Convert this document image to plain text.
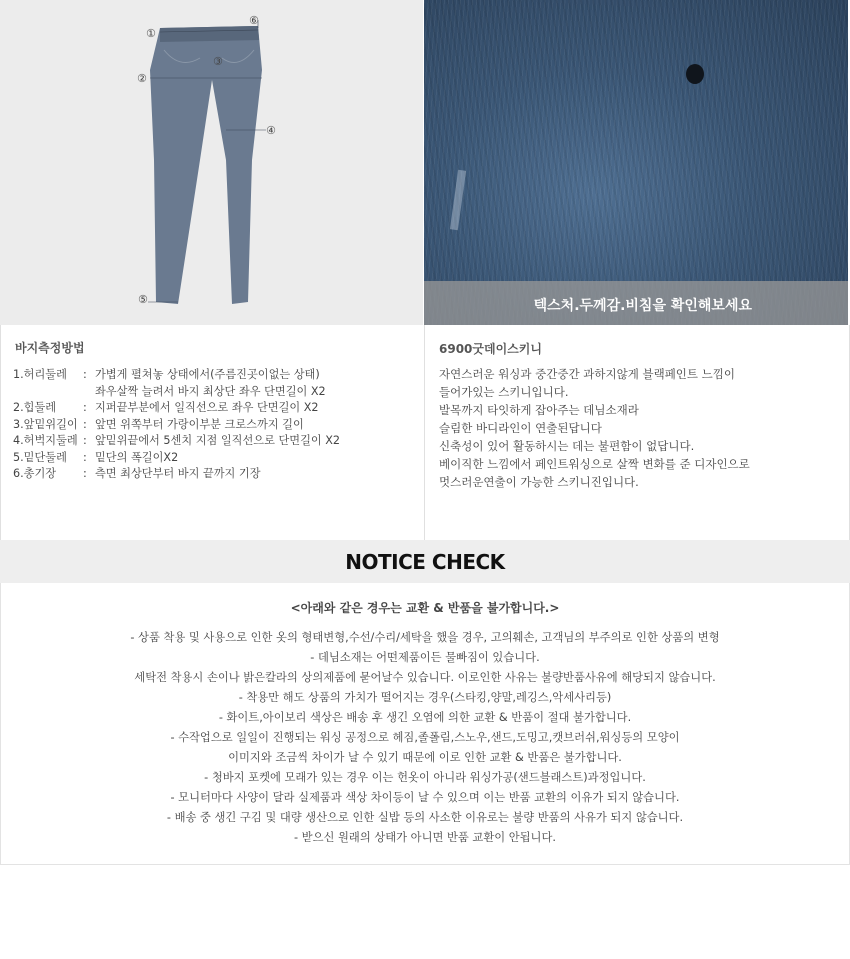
①
②
③
④
⑤
⑥
텍스처.두께감.비침을 확인해보세요
바지측정방법
1.허리둘레	: 가볍게 펼쳐놓 상태에서(주름진곳이없는 상태)
좌우살짝 늘려서 바지 최상단 좌우 단면길이 X2
2.힙둘레	: 지퍼끝부분에서 일직선으로 좌우 단면길이 X2
3.앞밑위길이 : 앞면 위쪽부터 가랑이부분 크로스까지 길이
4.허벅지둘레 : 앞밑위끝에서 5센치 지점 일직선으로 단면길이 X2
5.밑단둘레	: 밑단의 폭길이X2
6.총기장	: 측면 최상단부터 바지 끝까지 기장
6900굿데이스키니
자연스러운 워싱과 중간중간 과하지않게 블랙페인트 느낌이
들어가있는 스키니입니다.
발목까지 타잇하게 잡아주는 데님소재라
슬림한 바디라인이 연출된답니다
신축성이 있어 활동하시는 데는 불편함이 없답니다.
베이직한 느낌에서 페인트워싱으로 살짝 변화를 준 디자인으로
멋스러운연출이 가능한 스키니진입니다.
NOTICE CHECK
<아래와 같은 경우는 교환 & 반품을 불가합니다.>
- 상품 착용 및 사용으로 인한 옷의 형태변형,수선/수리/세탁을 했을 경우, 고의훼손, 고객님의 부주의로 인한 상품의 변형
- 데님소재는 어떤제품이든 물빠짐이 있습니다.
세탁전 착용시 손이나 밝은칼라의 상의제품에 묻어날수 있습니다. 이로인한 사유는 불량반품사유에 해당되지 않습니다.
- 착용만 해도 상품의 가치가 떨어지는 경우(스타킹,양말,레깅스,악세사리등)
- 화이트,아이보리 색상은 배송 후 생긴 오염에 의한 교환 & 반품이 절대 불가합니다.
- 수작업으로 일일이 진행되는 워싱 공정으로 헤짐,졸폴림,스노우,샌드,도밍고,캣브러쉬,워싱등의 모양이
이미지와 조금씩 차이가 날 수 있기 때문에 이로 인한 교환 & 반품은 불가합니다.
- 청바지 포켓에 모래가 있는 경우 이는 헌옷이 아니라 워싱가공(샌드블래스트)과정입니다.
- 모니터마다 사양이 달라 실제품과 색상 차이등이 날 수 있으며 이는 반품 교환의 이유가 되지 않습니다.
- 배송 중 생긴 구김 및 대량 생산으로 인한 실밥 등의 사소한 이유로는 불량 반품의 사유가 되지 않습니다.
- 받으신 원래의 상태가 아니면 반품 교환이 안됩니다.
